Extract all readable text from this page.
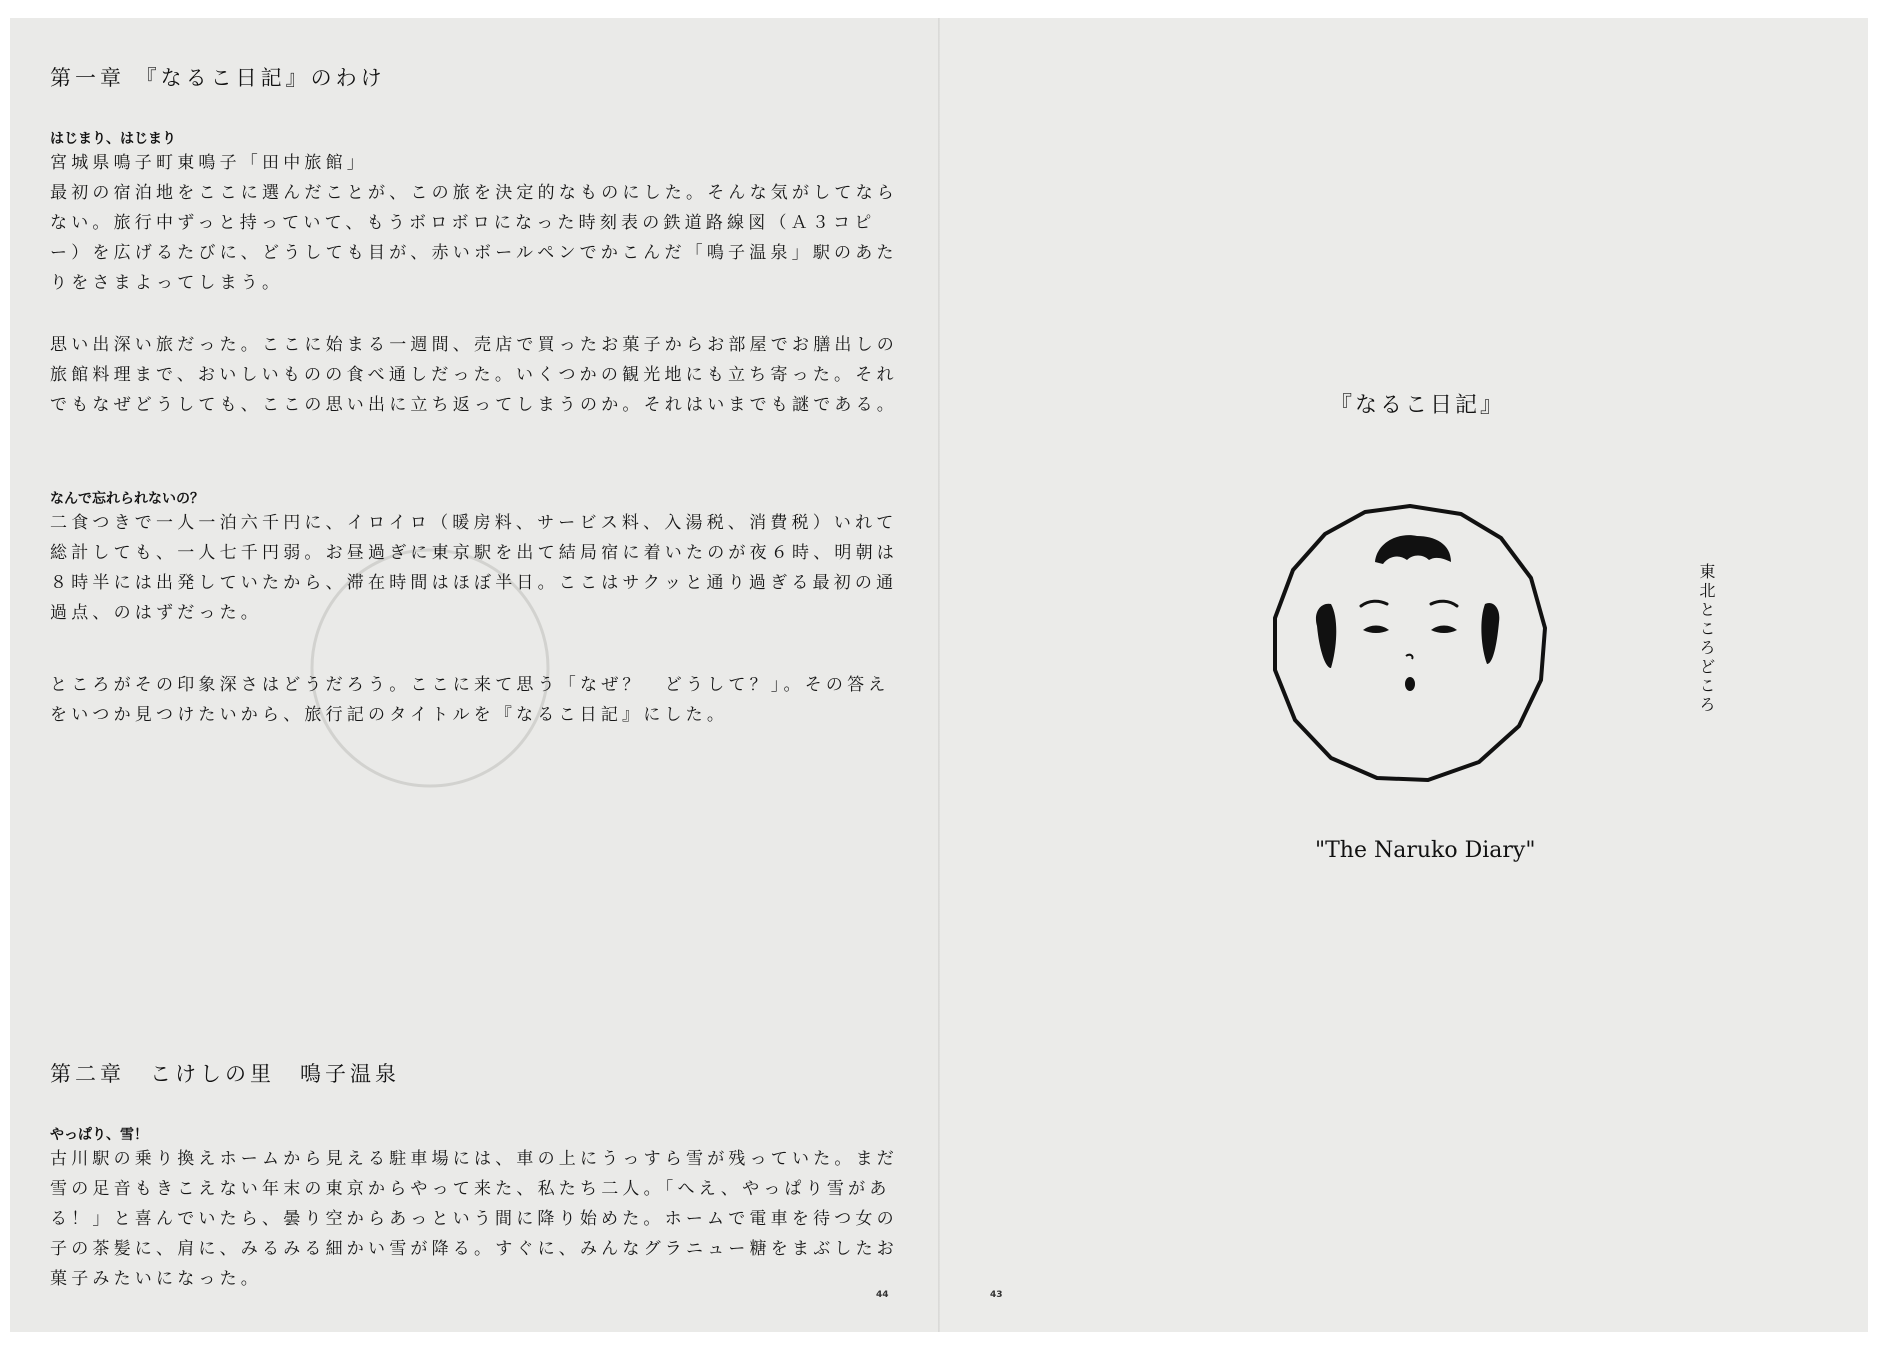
第一章 『なるこ日記』のわけ
はじまり、はじまり
宮城県鳴子町東鳴子「田中旅館」
最初の宿泊地をここに選んだことが、この旅を決定的なものにした。そんな気がしてならない。旅行中ずっと持っていて、もうボロボロになった時刻表の鉄道路線図（Ａ３コピー）を広げるたびに、どうしても目が、赤いボールペンでかこんだ「鳴子温泉」駅のあたりをさまよってしまう。
思い出深い旅だった。ここに始まる一週間、売店で買ったお菓子からお部屋でお膳出しの旅館料理まで、おいしいものの食べ通しだった。いくつかの観光地にも立ち寄った。それでもなぜどうしても、ここの思い出に立ち返ってしまうのか。それはいまでも謎である。
なんで忘れられないの？
二食つきで一人一泊六千円に、イロイロ（暖房料、サービス料、入湯税、消費税）いれて総計しても、一人七千円弱。お昼過ぎに東京駅を出て結局宿に着いたのが夜６時、明朝は８時半には出発していたから、滞在時間はほぼ半日。ここはサクッと通り過ぎる最初の通過点、のはずだった。
ところがその印象深さはどうだろう。ここに来て思う「なぜ？　どうして？」。その答えをいつか見つけたいから、旅行記のタイトルを『なるこ日記』にした。
第二章　こけしの里　鳴子温泉
やっぱり、雪！
古川駅の乗り換えホームから見える駐車場には、車の上にうっすら雪が残っていた。まだ雪の足音もきこえない年末の東京からやって来た、私たち二人。「へえ、やっぱり雪がある！」と喜んでいたら、曇り空からあっという間に降り始めた。ホームで電車を待つ女の子の茶髪に、肩に、みるみる細かい雪が降る。すぐに、みんなグラニュー糖をまぶしたお菓子みたいになった。
44
『なるこ日記』
東北ところどころ
"The Naruko Diary"
43
